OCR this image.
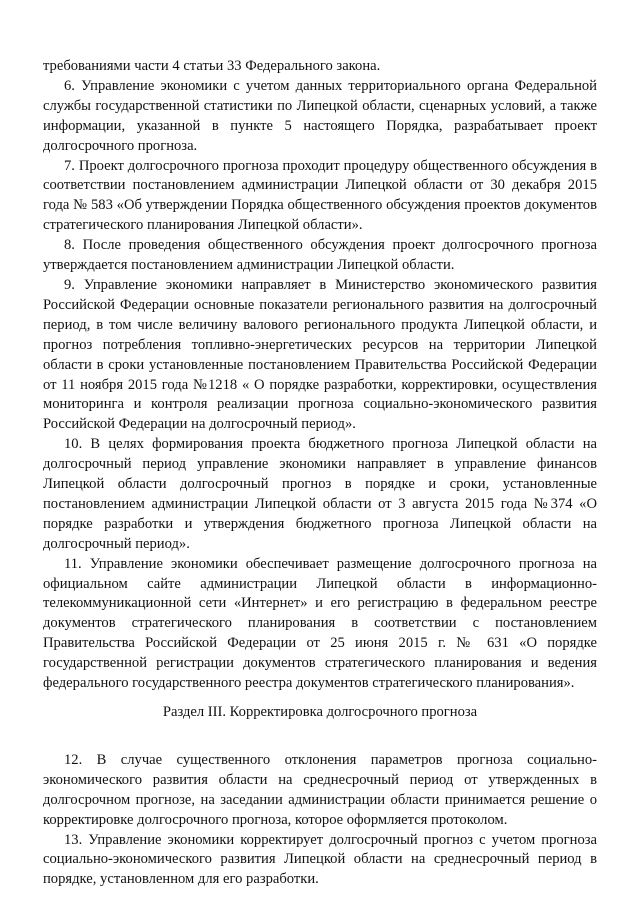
требованиями части 4 статьи 33 Федерального закона.

6. Управление экономики с учетом данных территориального органа Федеральной службы государственной статистики по Липецкой области, сценарных условий, а также информации, указанной в пункте 5 настоящего Порядка, разрабатывает проект долгосрочного прогноза.

7. Проект долгосрочного прогноза проходит процедуру общественного обсуждения в соответствии постановлением администрации Липецкой области от 30 декабря 2015 года № 583 «Об утверждении Порядка общественного обсуждения проектов документов стратегического планирования Липецкой области».

8. После проведения общественного обсуждения проект долгосрочного прогноза утверждается постановлением администрации Липецкой области.

9. Управление экономики направляет в Министерство экономического развития Российской Федерации основные показатели регионального развития на долгосрочный период, в том числе величину валового регионального продукта Липецкой области, и прогноз потребления топливно-энергетических ресурсов на территории Липецкой области в сроки установленные постановлением Правительства Российской Федерации от 11 ноября 2015 года №1218 « О порядке разработки, корректировки, осуществления мониторинга и контроля реализации прогноза социально-экономического развития Российской Федерации на долгосрочный период».

10. В целях формирования проекта бюджетного прогноза Липецкой области на долгосрочный период управление экономики направляет в управление финансов Липецкой области долгосрочный прогноз в порядке и сроки, установленные постановлением администрации Липецкой области от 3 августа 2015 года №374 «О порядке разработки и утверждения бюджетного прогноза Липецкой области на долгосрочный период».

11. Управление экономики обеспечивает размещение долгосрочного прогноза на официальном сайте администрации Липецкой области в информационно-телекоммуникационной сети «Интернет» и его регистрацию в федеральном реестре документов стратегического планирования в соответствии с постановлением Правительства Российской Федерации от 25 июня 2015 г. № 631 «О порядке государственной регистрации документов стратегического планирования и ведения федерального государственного реестра документов стратегического планирования».

Раздел III. Корректировка долгосрочного прогноза

12. В случае существенного отклонения параметров прогноза социально-экономического развития области на среднесрочный период от утвержденных в долгосрочном прогнозе, на заседании администрации области принимается решение о корректировке долгосрочного прогноза, которое оформляется протоколом.

13. Управление экономики корректирует долгосрочный прогноз с учетом прогноза социально-экономического развития Липецкой области на среднесрочный период в порядке, установленном для его разработки.
